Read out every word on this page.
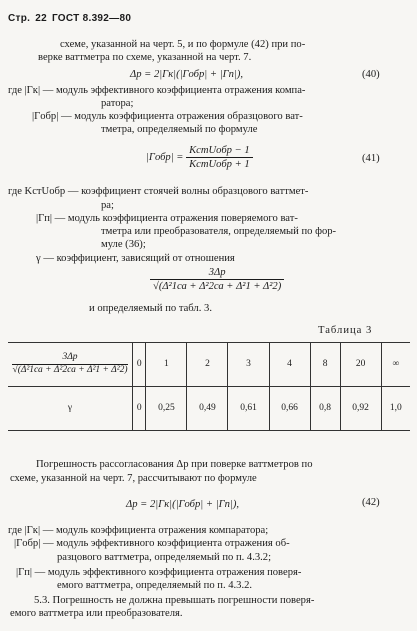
Стр. 22 ГОСТ 8.392—80
схеме, указанной на черт. 5, и по формуле (42) при по-
верке ваттметра по схеме, указанной на черт. 7.
Δр = 2|Γк|(|Γобр| + |Γп|),	(40)
где |Γк| — модуль эффективного коэффициента отражения компа-
ратора;
|Γобр| — модуль коэффициента отражения образцового ват-
тметра, определяемый по формуле
$|\Gamma обр| = \frac{\text{KстUобр − 1}}{\text{KстUобр + 1}}$	(41)
где KстUобр — коэффициент стоячей волны образцового ваттмет-
ра;
|Γп| — модуль коэффициента отражения поверяемого ват-
тметра или преобразователя, определяемый по фор-
муле (36);
γ — коэффициент, зависящий от отношения
$\frac{3\Delta р}{\text{√(Δ²1са + Δ²2са + Δ²1 + Δ²2)}}$
и определяемый по табл. 3.
Таблица 3
3Δр
√(Δ²1са + Δ²2са + Δ²1 + Δ²2)	0	1	2	3	4	8	20	∞
γ	0	0,25	0,49	0,61	0,66	0,8	0,92	1,0
Погрешность рассогласования Δр при поверке ваттметров по
схеме, указанной на черт. 7, рассчитывают по формуле
Δр = 2|Γк|(|Γобр| + |Γп|),	(42)
где |Γк| — модуль коэффициента отражения компаратора;
|Γобр| — модуль эффективного коэффициента отражения об-
разцового ваттметра, определяемый по п. 4.3.2;
|Γп| — модуль эффективного коэффициента отражения поверя-
емого ваттметра, определяемый по п. 4.3.2.
5.3. Погрешность не должна превышать погрешности поверя-
емого ваттметра или преобразователя.
